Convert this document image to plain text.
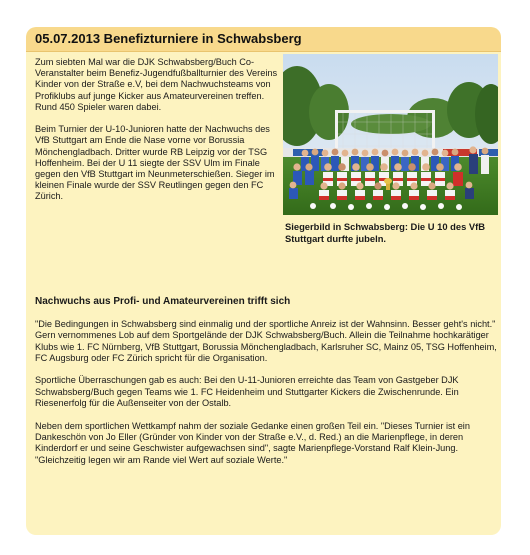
05.07.2013 Benefizturniere in Schwabsberg
Zum siebten Mal war die DJK Schwabsberg/Buch Co-Veranstalter beim Benefiz-Jugendfußballturnier des Vereins Kinder von der Straße e.V, bei dem Nachwuchsteams von Profiklubs auf junge Kicker aus Amateurvereinen treffen. Rund 450 Spieler waren dabei.

Beim Turnier der U-10-Junioren hatte der Nachwuchs des VfB Stuttgart am Ende die Nase vorne vor Borussia Mönchengladbach. Dritter wurde RB Leipzig vor der TSG Hoffenheim. Bei der U 11 siegte der SSV Ulm im Finale gegen den VfB Stuttgart im Neunmeterschießen. Sieger im kleinen Finale wurde der SSV Reutlingen gegen den FC Zürich.

Siegerbild in Schwabsberg: Die U 10 des VfB Stuttgart durfte jubeln.

Nachwuchs aus Profi- und Amateurvereinen trifft sich

"Die Bedingungen in Schwabsberg sind einmalig und der sportliche Anreiz ist der Wahnsinn. Besser geht's nicht." Gern vernommenes Lob auf dem Sportgelände der DJK Schwabsberg/Buch. Allein die Teilnahme hochkarätiger Klubs wie 1. FC Nürnberg, VfB Stuttgart, Borussia Mönchengladbach, Karlsruher SC, Mainz 05, TSG Hoffenheim, FC Augsburg oder FC Zürich spricht für die Organisation.

Sportliche Überraschungen gab es auch: Bei den U-11-Junioren erreichte das Team von Gastgeber DJK Schwabsberg/Buch gegen Teams wie 1. FC Heidenheim und Stuttgarter Kickers die Zwischenrunde. Ein Riesenerfolg für die Außenseiter von der Ostalb.

Neben dem sportlichen Wettkampf nahm der soziale Gedanke einen großen Teil ein. "Dieses Turnier ist ein Dankeschön von Jo Eller (Gründer von Kinder von der Straße e.V., d. Red.) an die Marienpflege, in deren Kinderdorf er und seine Geschwister aufgewachsen sind", sagte Marienpflege-Vorstand Ralf Klein-Jung. "Gleichzeitig legen wir am Rande viel Wert auf soziale Werte."
